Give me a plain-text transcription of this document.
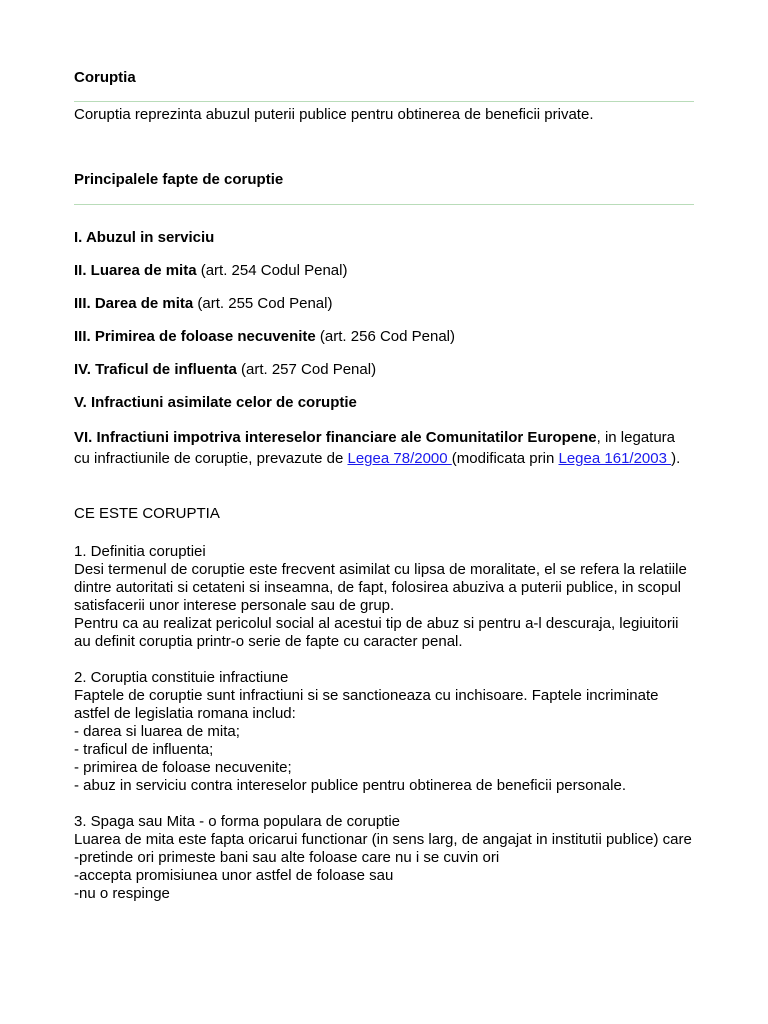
Coruptia
Coruptia reprezinta abuzul puterii publice pentru obtinerea de beneficii private.
Principalele fapte de coruptie
I. Abuzul in serviciu
II. Luarea de mita (art. 254 Codul Penal)
III. Darea de mita (art. 255 Cod Penal)
III. Primirea de foloase necuvenite (art. 256 Cod Penal)
IV. Traficul de influenta (art. 257 Cod Penal)
V. Infractiuni asimilate celor de coruptie
VI. Infractiuni impotriva intereselor financiare ale Comunitatilor Europene, in legatura cu infractiunile de coruptie, prevazute de Legea 78/2000 (modificata prin Legea 161/2003 ).
CE ESTE CORUPTIA
1. Definitia coruptiei
Desi termenul de coruptie este frecvent asimilat cu lipsa de moralitate, el se refera la relatiile dintre autoritati si cetateni si inseamna, de fapt, folosirea abuziva a puterii publice, in scopul satisfacerii unor interese personale sau de grup.
Pentru ca au realizat pericolul social al acestui tip de abuz si pentru a-l descuraja, legiuitorii au definit coruptia printr-o serie de fapte cu caracter penal.
2. Coruptia constituie infractiune
Faptele de coruptie sunt infractiuni si se sanctioneaza cu inchisoare. Faptele incriminate astfel de legislatia romana includ:
- darea si luarea de mita;
- traficul de influenta;
- primirea de foloase necuvenite;
- abuz in serviciu contra intereselor publice pentru obtinerea de beneficii personale.
3. Spaga sau Mita - o forma populara de coruptie
Luarea de mita este fapta oricarui functionar (in sens larg, de angajat in institutii publice) care
-pretinde ori primeste bani sau alte foloase care nu i se cuvin ori
-accepta promisiunea unor astfel de foloase sau
-nu o respinge
